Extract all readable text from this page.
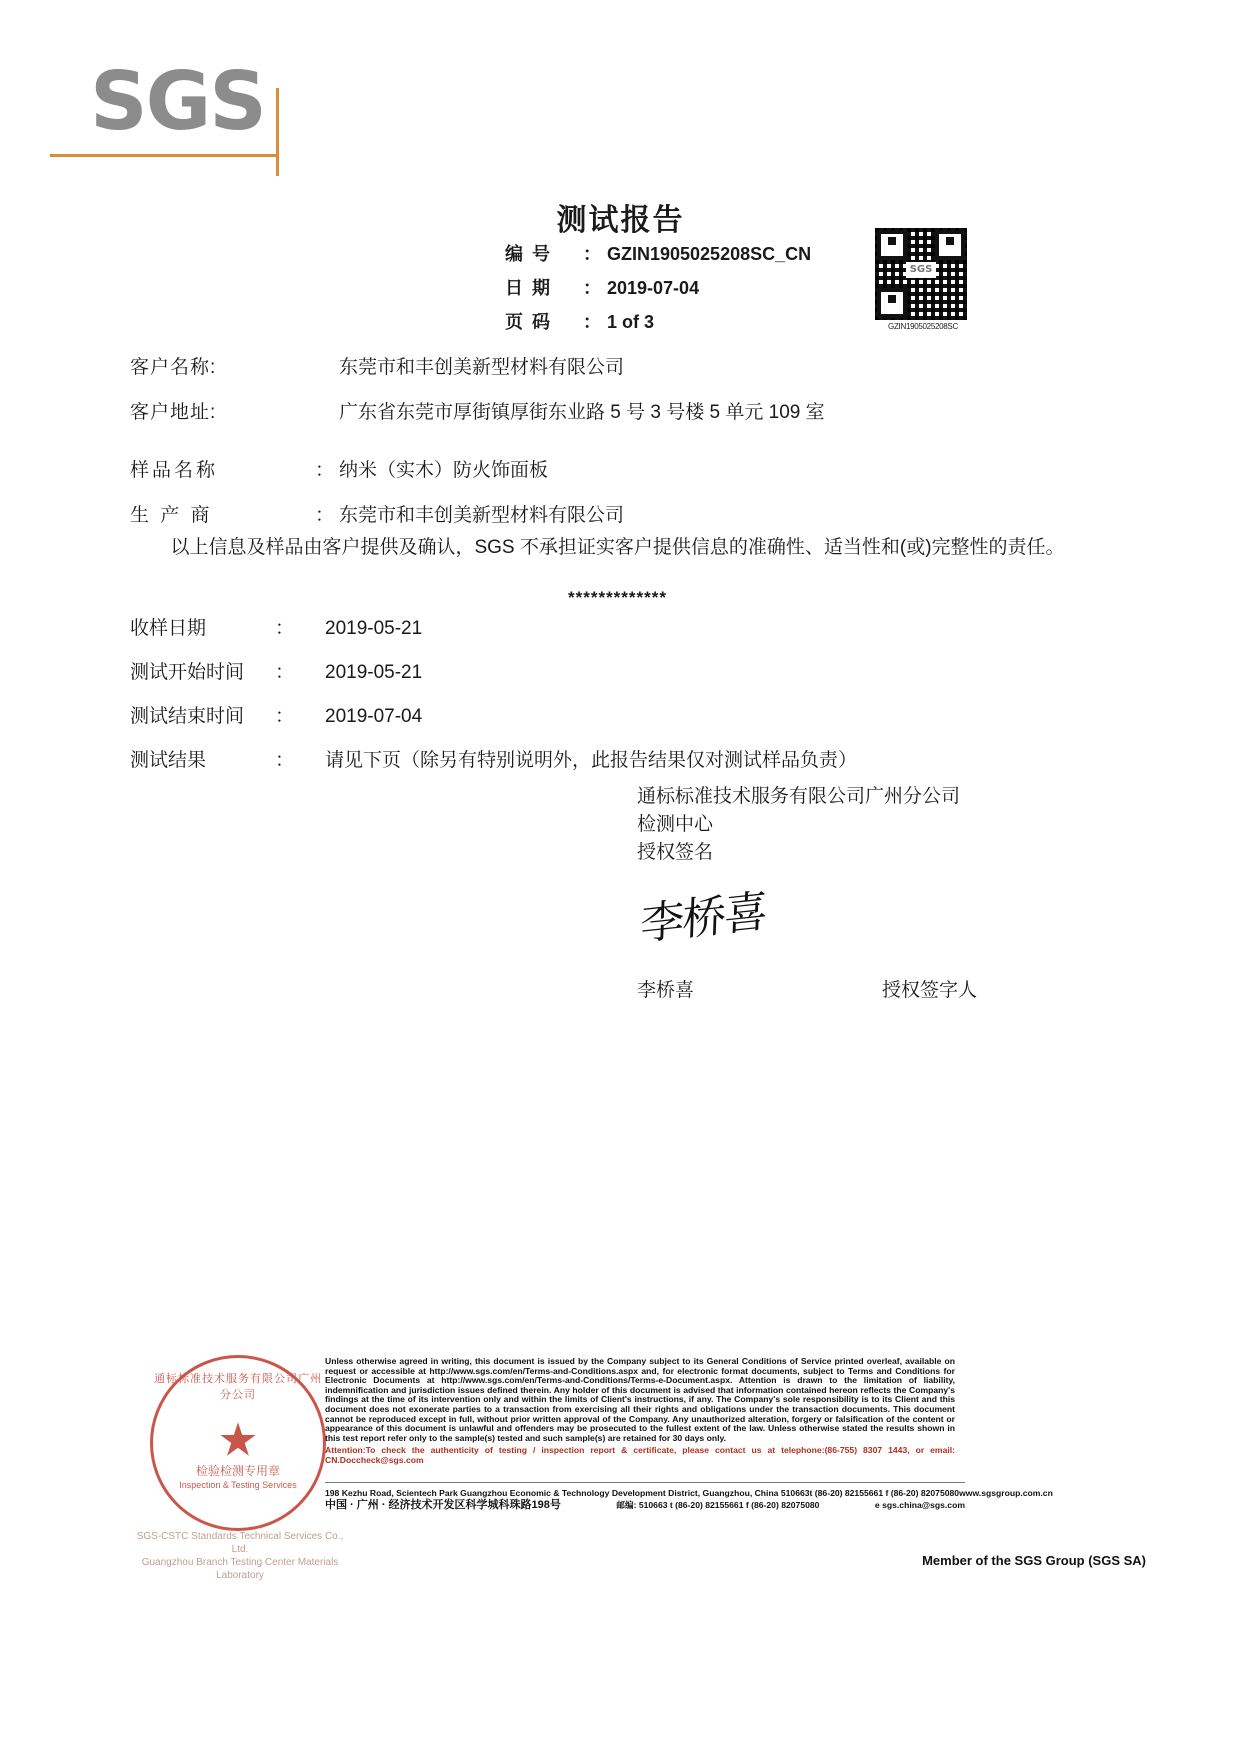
SGS
测试报告
编 号	： GZIN1905025208SC_CN
日 期	： 2019-07-04
页 码	： 1 of 3
SGS
GZIN1905025208SC
客户名称:	东莞市和丰创美新型材料有限公司
客户地址:	广东省东莞市厚街镇厚街东业路 5 号 3 号楼 5 单元 109 室
样品名称	： 纳米（实木）防火饰面板
生 产 商	： 东莞市和丰创美新型材料有限公司
以上信息及样品由客户提供及确认，SGS 不承担证实客户提供信息的准确性、适当性和(或)完整性的责任。
*************
收样日期	：	2019-05-21
测试开始时间	：	2019-05-21
测试结束时间	：	2019-07-04
测试结果	：	请见下页（除另有特别说明外，此报告结果仅对测试样品负责）
通标标准技术服务有限公司广州分公司
检测中心
授权签名
李桥喜
李桥喜	授权签字人
通标标准技术服务有限公司广州分公司
★
检验检测专用章
Inspection & Testing Services
SGS-CSTC Standards Technical Services Co., Ltd.
Guangzhou Branch Testing Center Materials Laboratory
Unless otherwise agreed in writing, this document is issued by the Company subject to its General Conditions of Service printed overleaf, available on request or accessible at http://www.sgs.com/en/Terms-and-Conditions.aspx and, for electronic format documents, subject to Terms and Conditions for Electronic Documents at http://www.sgs.com/en/Terms-and-Conditions/Terms-e-Document.aspx. Attention is drawn to the limitation of liability, indemnification and jurisdiction issues defined therein. Any holder of this document is advised that information contained hereon reflects the Company's findings at the time of its intervention only and within the limits of Client's instructions, if any. The Company's sole responsibility is to its Client and this document does not exonerate parties to a transaction from exercising all their rights and obligations under the transaction documents. This document cannot be reproduced except in full, without prior written approval of the Company. Any unauthorized alteration, forgery or falsification of the content or appearance of this document is unlawful and offenders may be prosecuted to the fullest extent of the law. Unless otherwise stated the results shown in this test report refer only to the sample(s) tested and such sample(s) are retained for 30 days only.
Attention:To check the authenticity of testing / inspection report & certificate, please contact us at telephone:(86-755) 8307 1443, or email: CN.Doccheck@sgs.com
198 Kezhu Road, Scientech Park Guangzhou Economic & Technology Development District, Guangzhou, China 510663 t (86-20) 82155661 f (86-20) 82075080 www.sgsgroup.com.cn
中国 · 广州 · 经济技术开发区科学城科珠路198号	邮编: 510663 t (86-20) 82155661 f (86-20) 82075080	e sgs.china@sgs.com
Member of the SGS Group (SGS SA)
